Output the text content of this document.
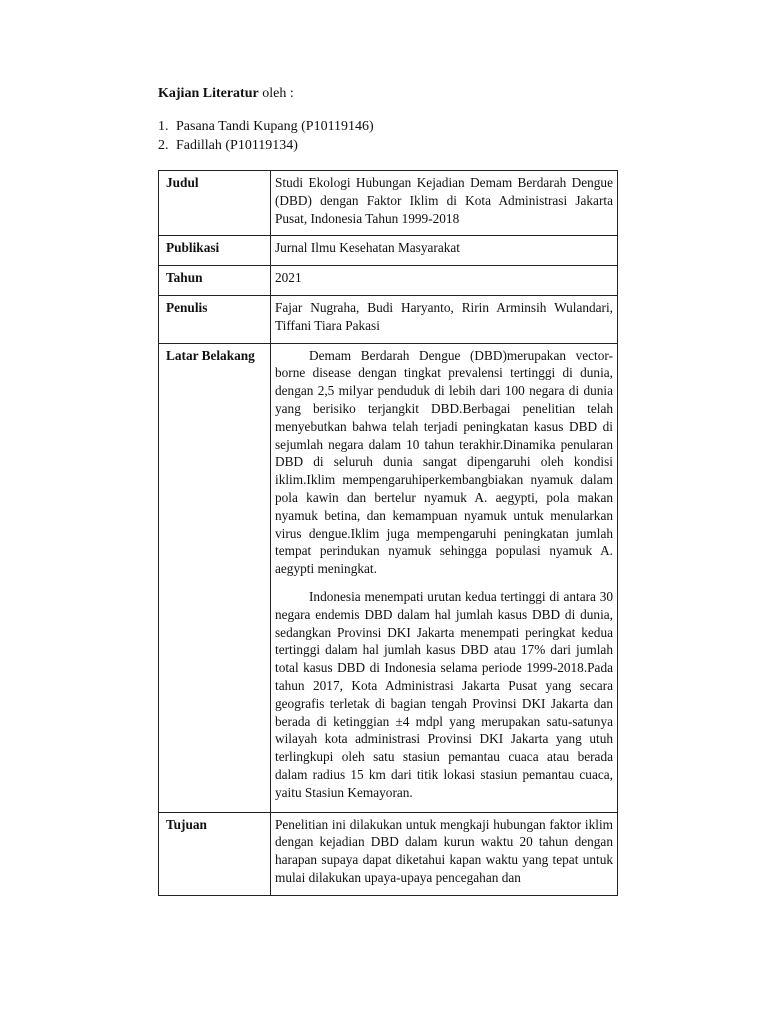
Kajian Literatur oleh :
1. Pasana Tandi Kupang (P10119146)
2. Fadillah (P10119134)
Judul	Studi Ekologi Hubungan Kejadian Demam Berdarah Dengue (DBD) dengan Faktor Iklim di Kota Administrasi Jakarta Pusat, Indonesia Tahun 1999-2018
Publikasi	Jurnal Ilmu Kesehatan Masyarakat
Tahun	2021
Penulis	Fajar Nugraha, Budi Haryanto, Ririn Arminsih Wulandari, Tiffani Tiara Pakasi
Latar Belakang	Demam Berdarah Dengue (DBD)merupakan vector-borne disease dengan tingkat prevalensi tertinggi di dunia, dengan 2,5 milyar penduduk di lebih dari 100 negara di dunia yang berisiko terjangkit DBD.Berbagai penelitian telah menyebutkan bahwa telah terjadi peningkatan kasus DBD di sejumlah negara dalam 10 tahun terakhir.Dinamika penularan DBD di seluruh dunia sangat dipengaruhi oleh kondisi iklim.Iklim mempengaruhiperkembangbiakan nyamuk dalam pola kawin dan bertelur nyamuk A. aegypti, pola makan nyamuk betina, dan kemampuan nyamuk untuk menularkan virus dengue.Iklim juga mempengaruhi peningkatan jumlah tempat perindukan nyamuk sehingga populasi nyamuk A. aegypti meningkat.

Indonesia menempati urutan kedua tertinggi di antara 30 negara endemis DBD dalam hal jumlah kasus DBD di dunia, sedangkan Provinsi DKI Jakarta menempati peringkat kedua tertinggi dalam hal jumlah kasus DBD atau 17% dari jumlah total kasus DBD di Indonesia selama periode 1999-2018.Pada tahun 2017, Kota Administrasi Jakarta Pusat yang secara geografis terletak di bagian tengah Provinsi DKI Jakarta dan berada di ketinggian ±4 mdpl yang merupakan satu-satunya wilayah kota administrasi Provinsi DKI Jakarta yang utuh terlingkupi oleh satu stasiun pemantau cuaca atau berada dalam radius 15 km dari titik lokasi stasiun pemantau cuaca, yaitu Stasiun Kemayoran.

Tujuan	Penelitian ini dilakukan untuk mengkaji hubungan faktor iklim dengan kejadian DBD dalam kurun waktu 20 tahun dengan harapan supaya dapat diketahui kapan waktu yang tepat untuk mulai dilakukan upaya-upaya pencegahan dan
